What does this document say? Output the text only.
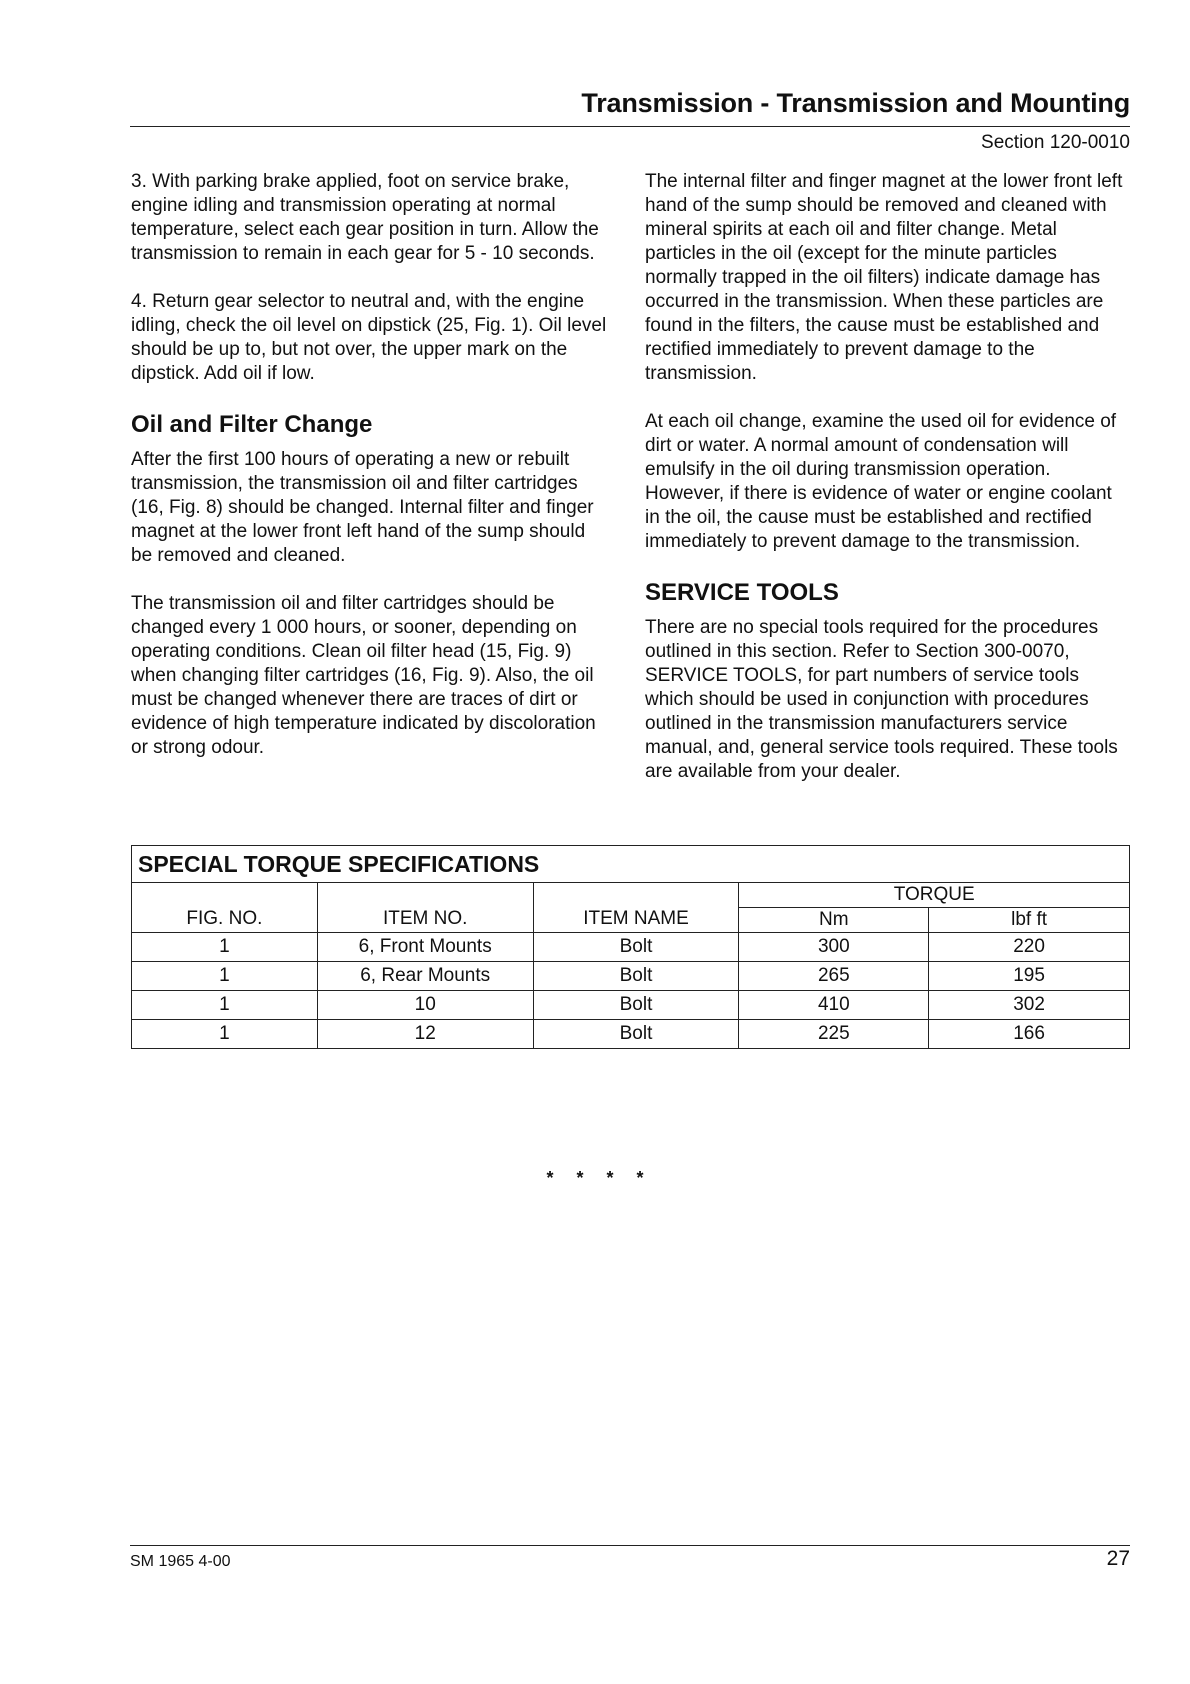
Transmission - Transmission and Mounting
Section 120-0010

3. With parking brake applied, foot on service brake, engine idling and transmission operating at normal temperature, select each gear position in turn. Allow the transmission to remain in each gear for 5 - 10 seconds.

4. Return gear selector to neutral and, with the engine idling, check the oil level on dipstick (25, Fig. 1). Oil level should be up to, but not over, the upper mark on the dipstick. Add oil if low.

Oil and Filter Change

After the first 100 hours of operating a new or rebuilt transmission, the transmission oil and filter cartridges (16, Fig. 8) should be changed. Internal filter and finger magnet at the lower front left hand of the sump should be removed and cleaned.

The transmission oil and filter cartridges should be changed every 1 000 hours, or sooner, depending on operating conditions. Clean oil filter head (15, Fig. 9) when changing filter cartridges (16, Fig. 9). Also, the oil must be changed whenever there are traces of dirt or evidence of high temperature indicated by discoloration or strong odour.

The internal filter and finger magnet at the lower front left hand of the sump should be removed and cleaned with mineral spirits at each oil and filter change. Metal particles in the oil (except for the minute particles normally trapped in the oil filters) indicate damage has occurred in the transmission. When these particles are found in the filters, the cause must be established and rectified immediately to prevent damage to the transmission.

At each oil change, examine the used oil for evidence of dirt or water. A normal amount of condensation will emulsify in the oil during transmission operation. However, if there is evidence of water or engine coolant in the oil, the cause must be established and rectified immediately to prevent damage to the transmission.

SERVICE TOOLS

There are no special tools required for the procedures outlined in this section. Refer to Section 300-0070, SERVICE TOOLS, for part numbers of service tools which should be used in conjunction with procedures outlined in the transmission manufacturers service manual, and, general service tools required. These tools are available from your dealer.

SPECIAL TORQUE SPECIFICATIONS				
FIG. NO.	ITEM NO.	ITEM NAME	TORQUE	
			Nm	lbf ft
1	6, Front Mounts	Bolt	300	220
1	6, Rear Mounts	Bolt	265	195
1	10	Bolt	410	302
1	12	Bolt	225	166
* * * *
SM 1965 4-00	27
